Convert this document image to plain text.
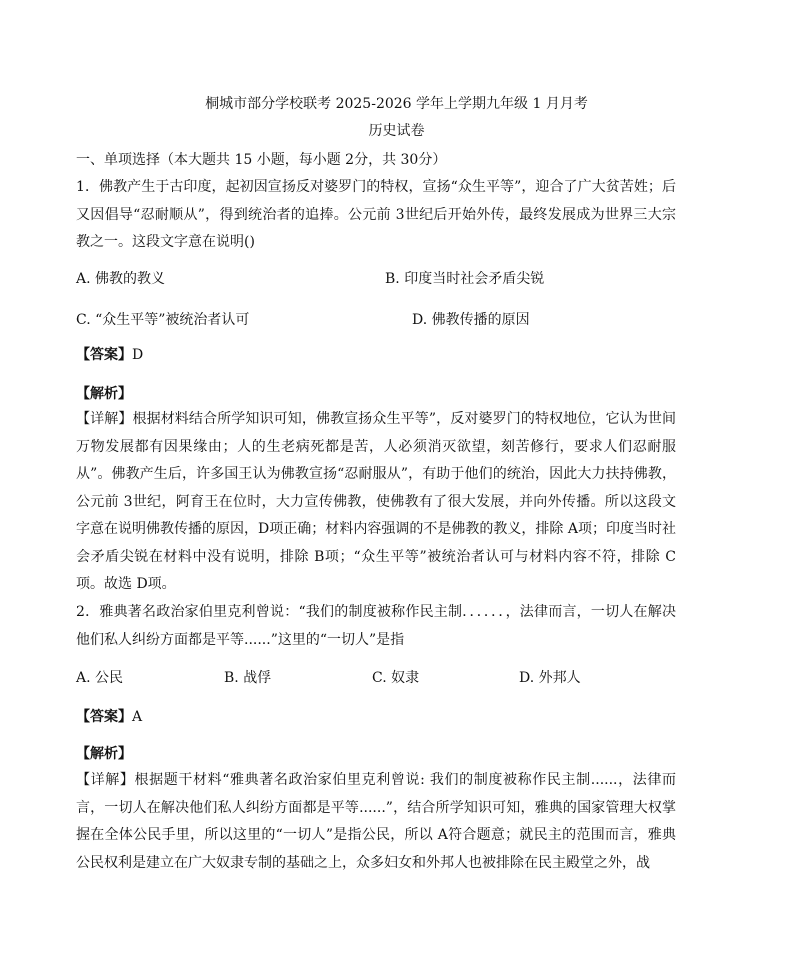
桐城市部分学校联考 2025-2026 学年上学期九年级 1 月月考
历史试卷
一、单项选择（本大题共 15 小题，每小题 2分，共 30分）
1．佛教产生于古印度，起初因宣扬反对婆罗门的特权，宣扬“众生平等”，迎合了广大贫苦姓；后又因倡导“忍耐顺从”，得到统治者的追捧。公元前 3世纪后开始外传，最终发展成为世界三大宗教之一。这段文字意在说明()
A. 佛教的教义	B. 印度当时社会矛盾尖锐
C. “众生平等”被统治者认可	D. 佛教传播的原因
【答案】D
【解析】
【详解】根据材料结合所学知识可知，佛教宣扬众生平等”，反对婆罗门的特权地位，它认为世间万物发展都有因果缘由；人的生老病死都是苦，人必须消灭欲望，刻苦修行，要求人们忍耐服从”。佛教产生后，许多国王认为佛教宣扬“忍耐服从”，有助于他们的统治，因此大力扶持佛教，公元前 3世纪，阿育王在位时，大力宣传佛教，使佛教有了很大发展，并向外传播。所以这段文字意在说明佛教传播的原因，D项正确；材料内容强调的不是佛教的教义，排除 A项；印度当时社会矛盾尖锐在材料中没有说明，排除 B项；“众生平等”被统治者认可与材料内容不符，排除 C项。故选 D项。
2．雅典著名政治家伯里克利曾说：“我们的制度被称作民主制．．．．．．，法律而言，一切人在解决他们私人纠纷方面都是平等......”这里的“一切人”是指
A. 公民	B. 战俘	C. 奴隶	D. 外邦人
【答案】A
【解析】
【详解】根据题干材料“雅典著名政治家伯里克利曾说: 我们的制度被称作民主制......，法律而言，一切人在解决他们私人纠纷方面都是平等......”，结合所学知识可知，雅典的国家管理大权掌握在全体公民手里，所以这里的“一切人”是指公民，所以 A符合题意；就民主的范围而言，雅典公民权利是建立在广大奴隶专制的基础之上，众多妇女和外邦人也被排除在民主殿堂之外，战
